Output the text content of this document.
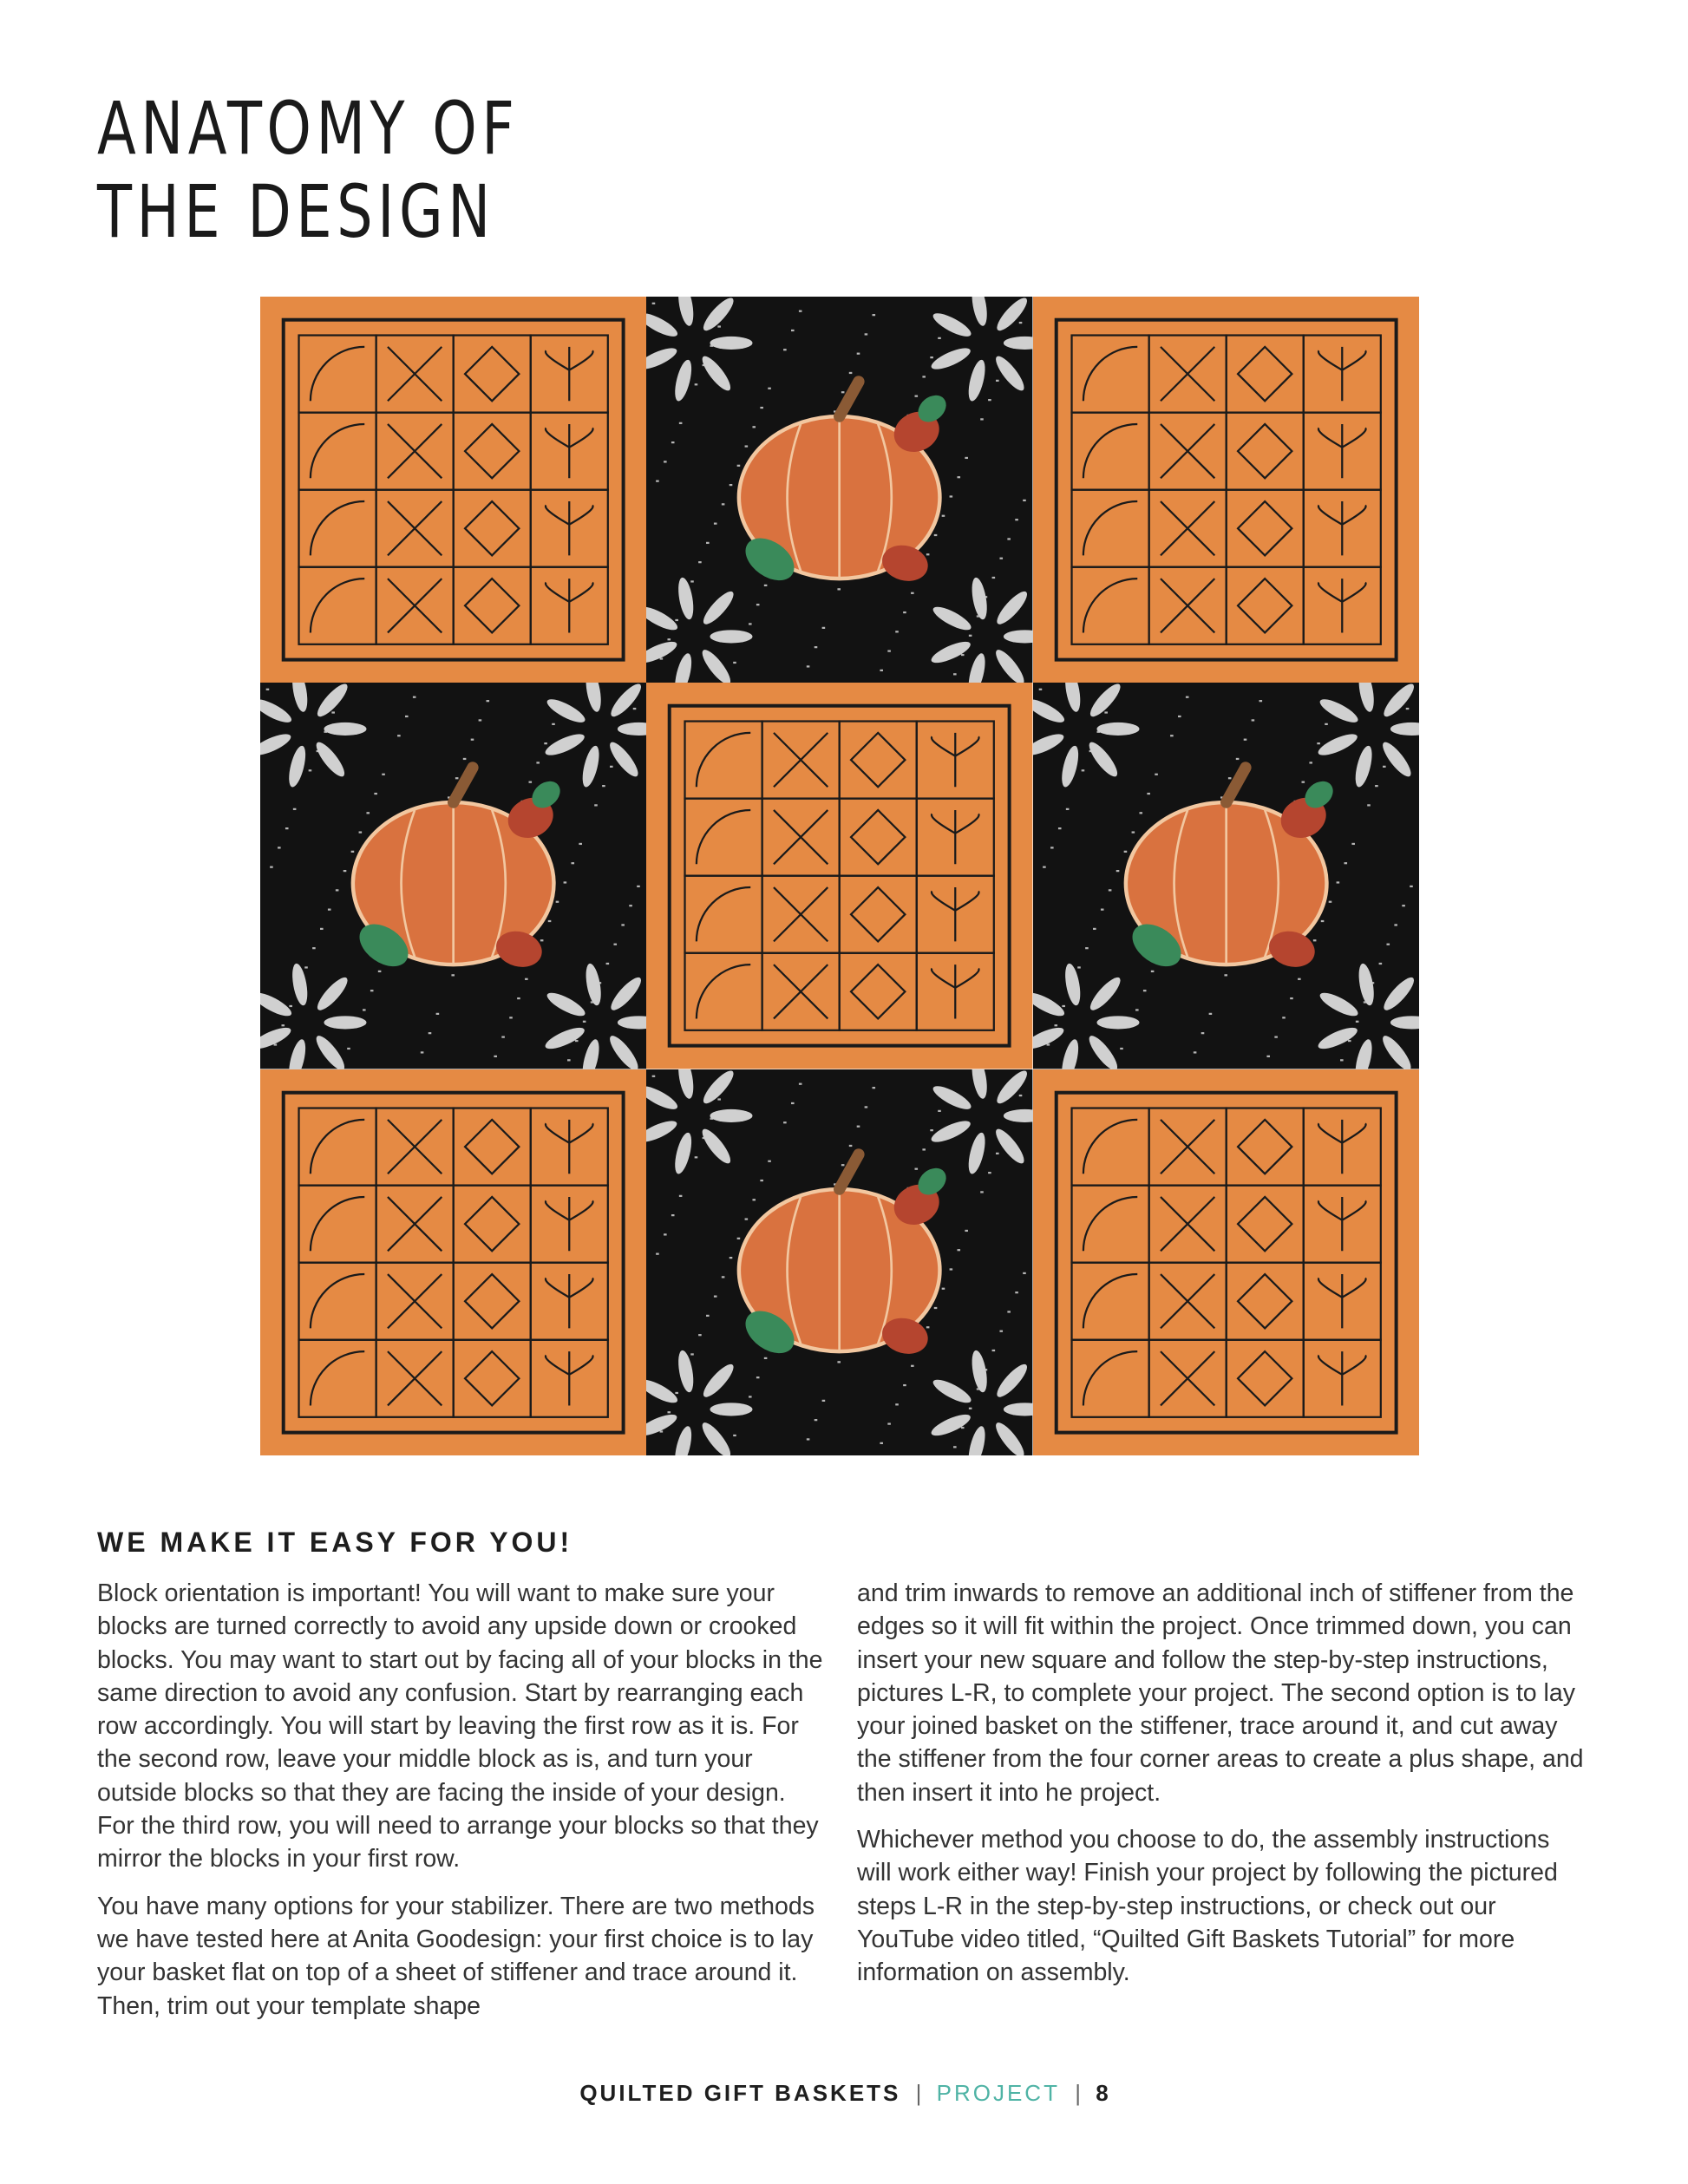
ANATOMY OF
THE DESIGN
WE MAKE IT EASY FOR YOU!

Block orientation is important! You will want to make sure your blocks are turned correctly to avoid any upside down or crooked blocks. You may want to start out by facing all of your blocks in the same direction to avoid any confusion. Start by rearranging each row accordingly. You will start by leaving the first row as it is. For the second row, leave your middle block as is, and turn your outside blocks so that they are facing the inside of your design. For the third row, you will need to arrange your blocks so that they mirror the blocks in your first row.

You have many options for your stabilizer. There are two methods we have tested here at Anita Goodesign: your first choice is to lay your basket flat on top of a sheet of stiffener and trace around it. Then, trim out your template shape

and trim inwards to remove an additional inch of stiffener from the edges so it will fit within the project. Once trimmed down, you can insert your new square and follow the step-by-step instructions, pictures L-R, to complete your project. The second option is to lay your joined basket on the stiffener, trace around it, and cut away the stiffener from the four corner areas to create a plus shape, and then insert it into he project.

Whichever method you choose to do, the assembly instructions will work either way! Finish your project by following the pictured steps L-R in the step-by-step instructions, or check out our YouTube video titled, “Quilted Gift Baskets Tutorial” for more information on assembly.

QUILTED GIFT BASKETS | PROJECT | 8
